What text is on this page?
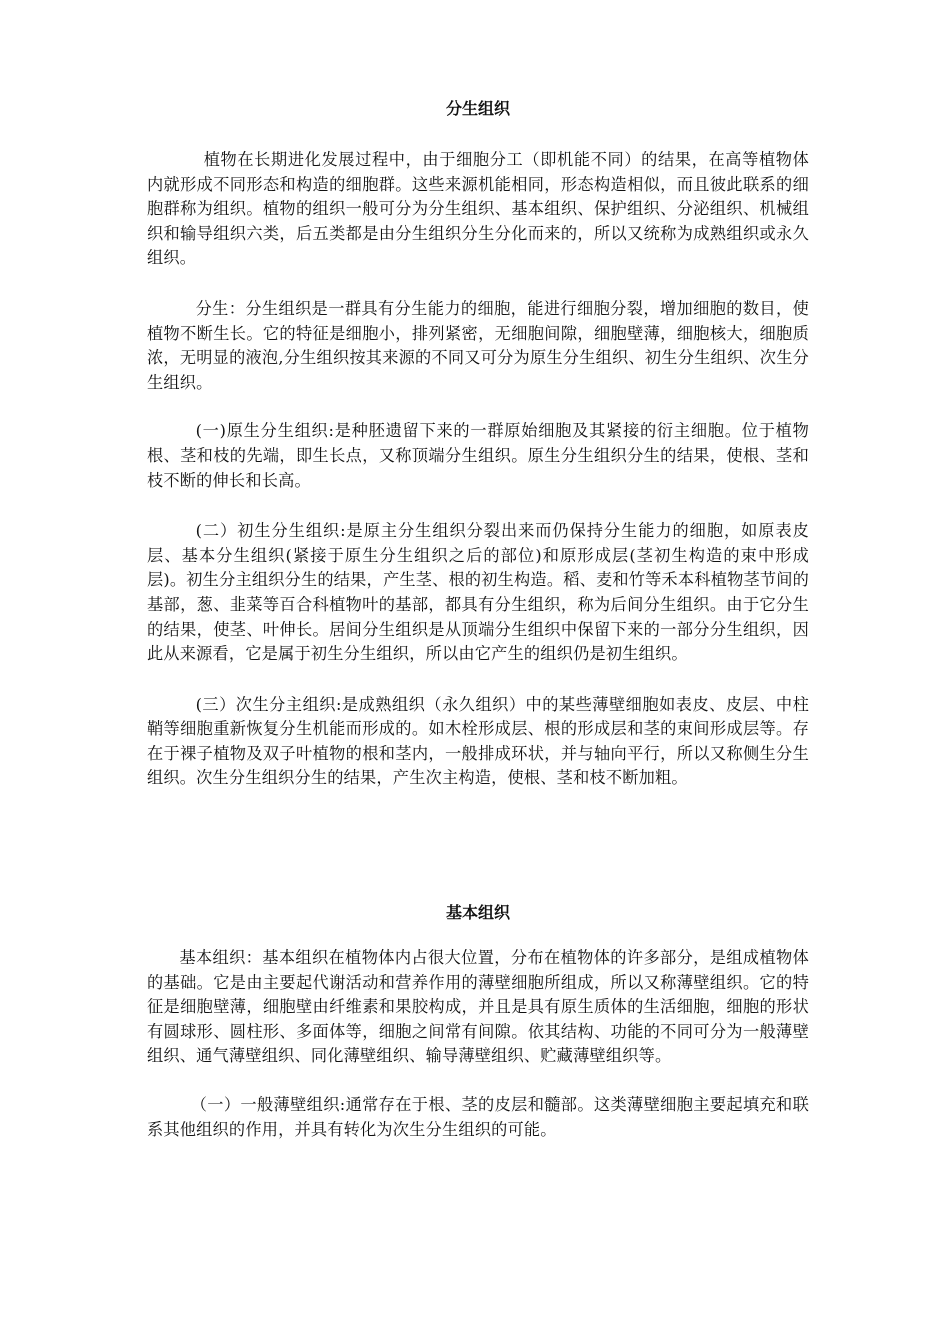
分生组织

植物在长期进化发展过程中，由于细胞分工（即机能不同）的结果，在高等植物体内就形成不同形态和构造的细胞群。这些来源机能相同，形态构造相似，而且彼此联系的细胞群称为组织。植物的组织一般可分为分生组织、基本组织、保护组织、分泌组织、机械组织和输导组织六类，后五类都是由分生组织分生分化而来的，所以又统称为成熟组织或永久组织。

分生：分生组织是一群具有分生能力的细胞，能进行细胞分裂，增加细胞的数目，使植物不断生长。它的特征是细胞小，排列紧密，无细胞间隙，细胞壁薄，细胞核大，细胞质浓，无明显的液泡,分生组织按其来源的不同又可分为原生分生组织、初生分生组织、次生分生组织。

(一)原生分生组织:是种胚遗留下来的一群原始细胞及其紧接的衍主细胞。位于植物根、茎和枝的先端，即生长点，又称顶端分生组织。原生分生组织分生的结果，使根、茎和枝不断的伸长和长高。

(二）初生分生组织:是原主分生组织分裂出来而仍保持分生能力的细胞，如原表皮层、基本分生组织(紧接于原生分生组织之后的部位)和原形成层(茎初生构造的束中形成层)。初生分主组织分生的结果，产生茎、根的初生构造。稻、麦和竹等禾本科植物茎节间的基部，葱、韭菜等百合科植物叶的基部，都具有分生组织，称为后间分生组织。由于它分生的结果，使茎、叶伸长。居间分生组织是从顶端分生组织中保留下来的一部分分生组织，因此从来源看，它是属于初生分生组织，所以由它产生的组织仍是初生组织。

(三）次生分主组织:是成熟组织（永久组织）中的某些薄壁细胞如表皮、皮层、中柱鞘等细胞重新恢复分生机能而形成的。如木栓形成层、根的形成层和茎的束间形成层等。存在于裸子植物及双子叶植物的根和茎内，一般排成环状，并与轴向平行，所以又称侧生分生组织。次生分生组织分生的结果，产生次主构造，使根、茎和枝不断加粗。

基本组织

基本组织：基本组织在植物体内占很大位置，分布在植物体的许多部分，是组成植物体的基础。它是由主要起代谢活动和营养作用的薄壁细胞所组成，所以又称薄壁组织。它的特征是细胞壁薄，细胞壁由纤维素和果胶构成，并且是具有原生质体的生活细胞，细胞的形状有圆球形、圆柱形、多面体等，细胞之间常有间隙。依其结构、功能的不同可分为一般薄壁组织、通气薄壁组织、同化薄壁组织、输导薄壁组织、贮藏薄壁组织等。

（一）一般薄壁组织:通常存在于根、茎的皮层和髓部。这类薄壁细胞主要起填充和联系其他组织的作用，并具有转化为次生分生组织的可能。
